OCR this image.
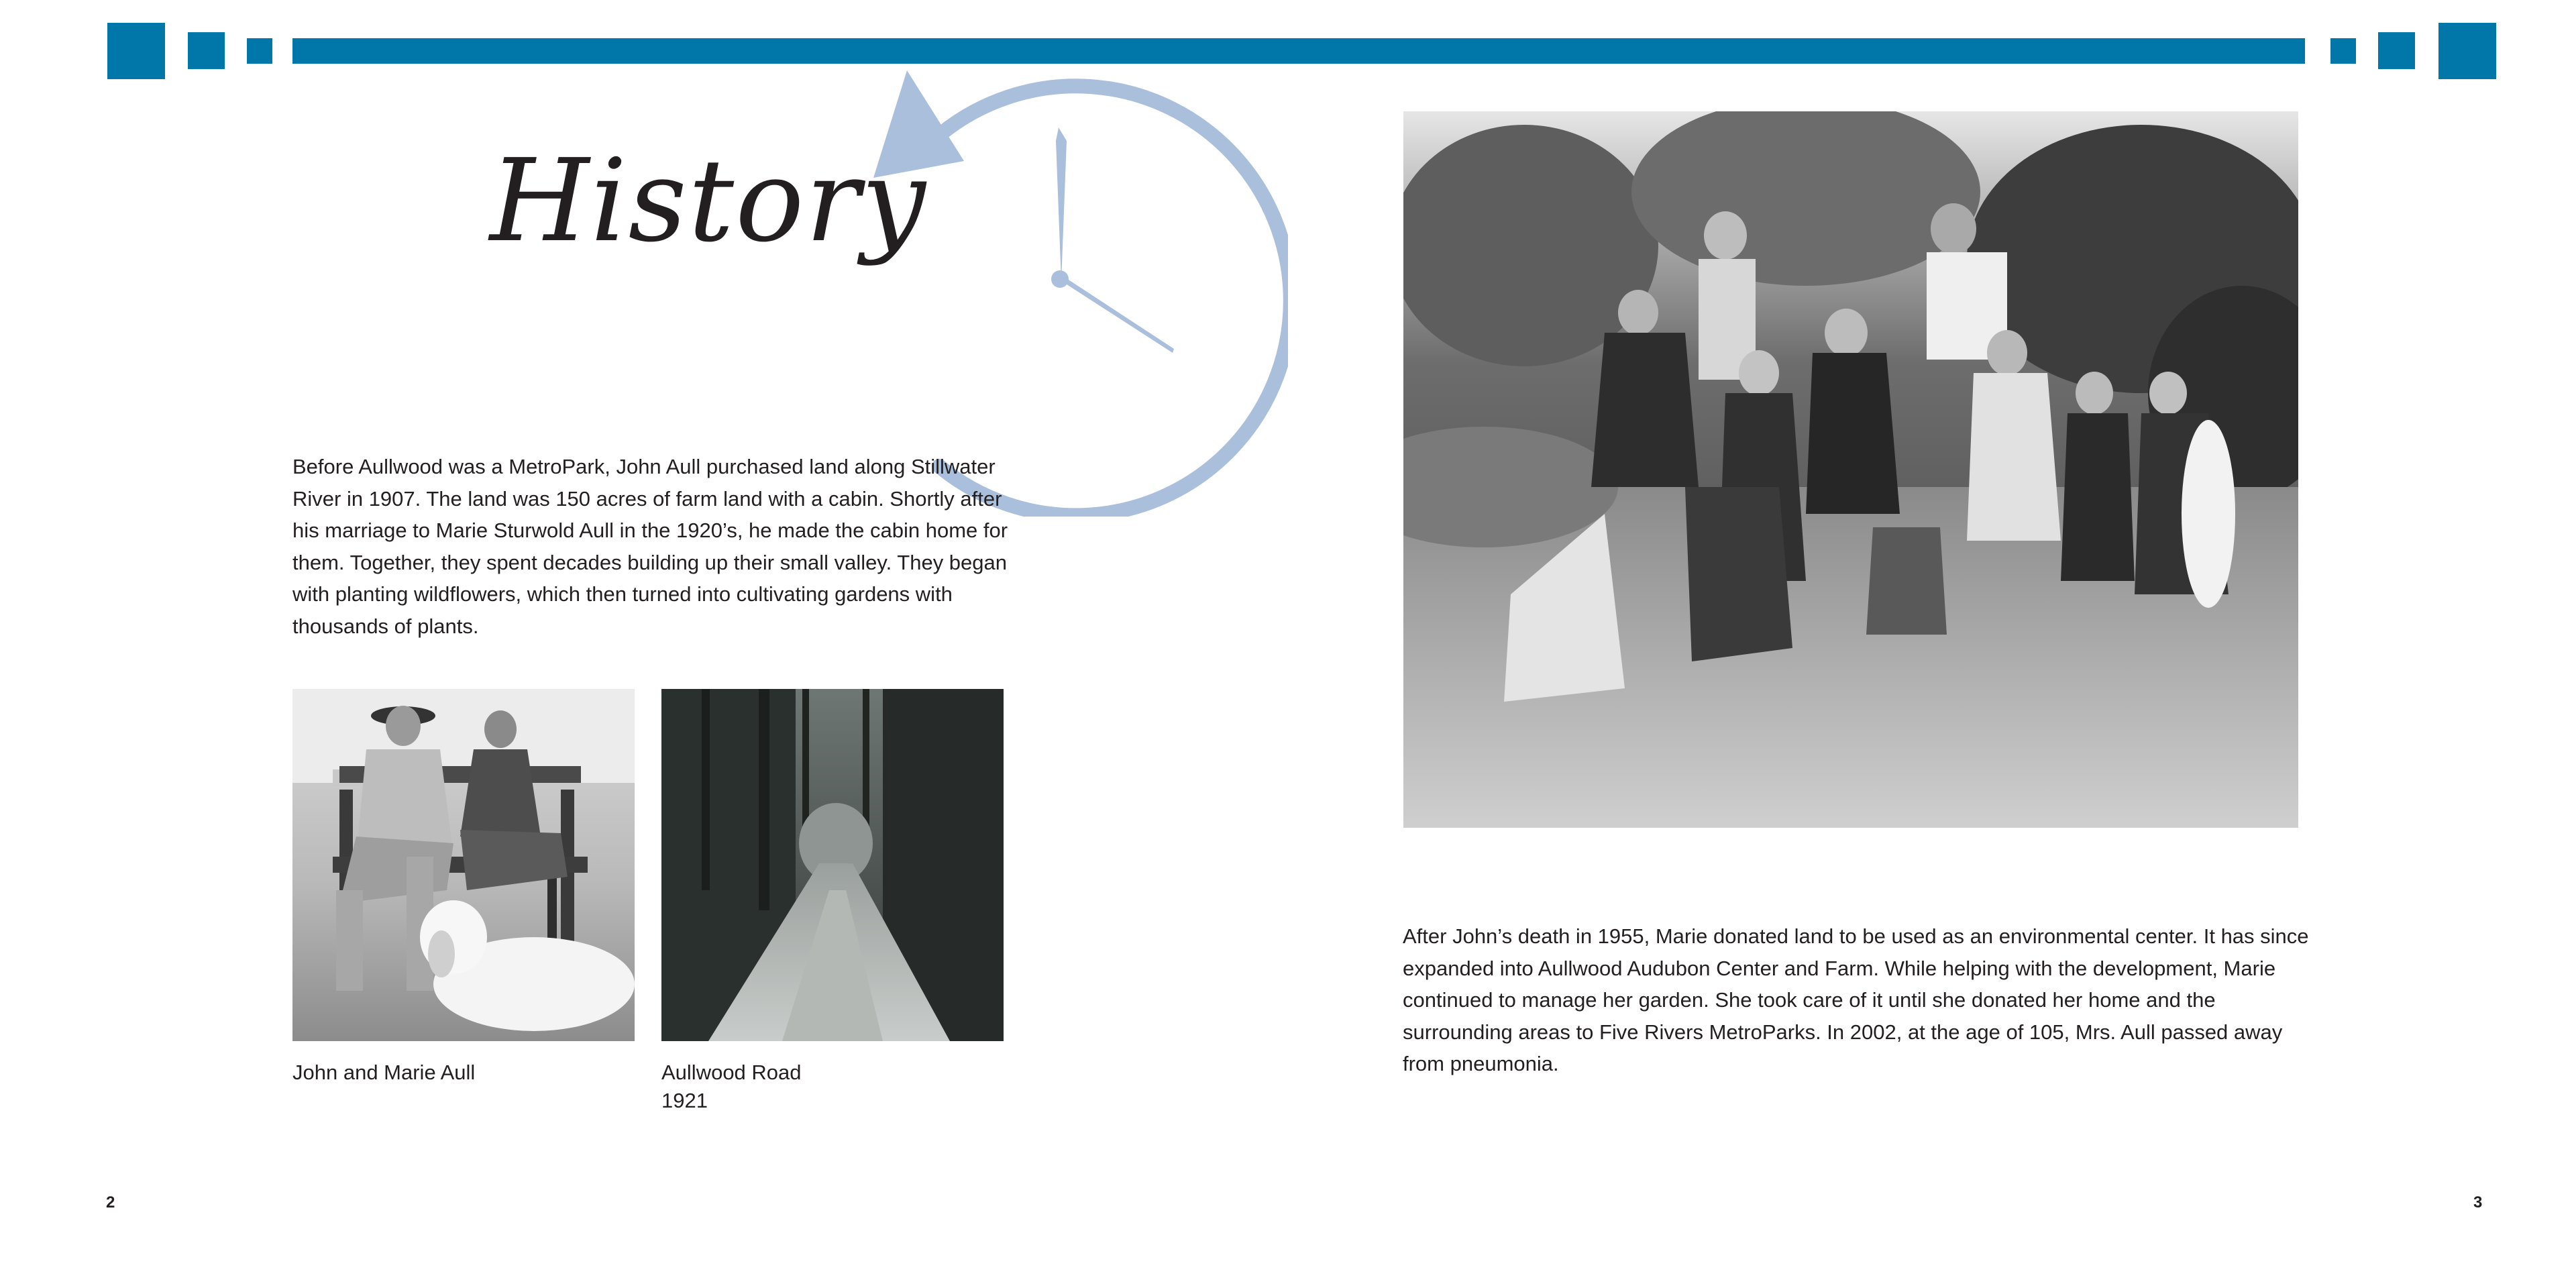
History

Before Aullwood was a MetroPark, John Aull purchased land along Stillwater River in 1907. The land was 150 acres of farm land with a cabin. Shortly after his marriage to Marie Sturwold Aull in the 1920’s, he made the cabin home for them. Together, they spent decades building up their small valley. They began with planting wildflowers, which then turned into cultivating gardens with thousands of plants.

John and Marie Aull	Aullwood Road
1921

After John’s death in 1955, Marie donated land to be used as an environmental center. It has since expanded into Aullwood Audubon Center and Farm. While helping with the development, Marie continued to manage her garden. She took care of it until she donated her home and the surrounding areas to Five Rivers MetroParks. In 2002, at the age of 105, Mrs. Aull passed away from pneumonia.

2	3
